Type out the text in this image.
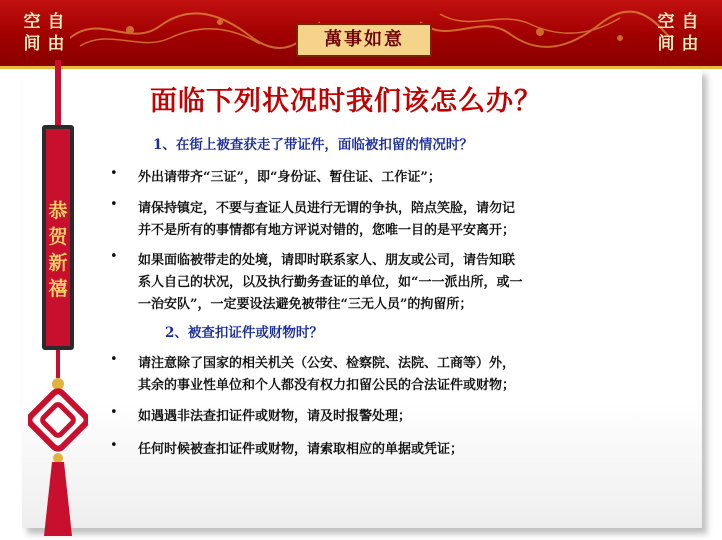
空 自
间 由	萬事如意
空 自
间 由
恭
贺
新
禧
面临下列状况时我们该怎么办？
1、在街上被查获走了带证件，面临被扣留的情况时？
• 外出请带齐“三证”，即“身份证、暂住证、工作证”；
• 请保持镇定，不要与查证人员进行无谓的争执，陪点笑脸，请勿记
并不是所有的事情都有地方评说对错的，您唯一目的是平安离开；
• 如果面临被带走的处境，请即时联系家人、朋友或公司，请告知联
系人自己的状况，以及执行勤务查证的单位，如“一一派出所，或一
一治安队”，一定要设法避免被带往“三无人员”的拘留所；
2、被查扣证件或财物时？
• 请注意除了国家的相关机关（公安、检察院、法院、工商等）外，
其余的事业性单位和个人都没有权力扣留公民的合法证件或财物；
• 如遇遇非法查扣证件或财物，请及时报警处理；
• 任何时候被查扣证件或财物，请索取相应的单据或凭证；
